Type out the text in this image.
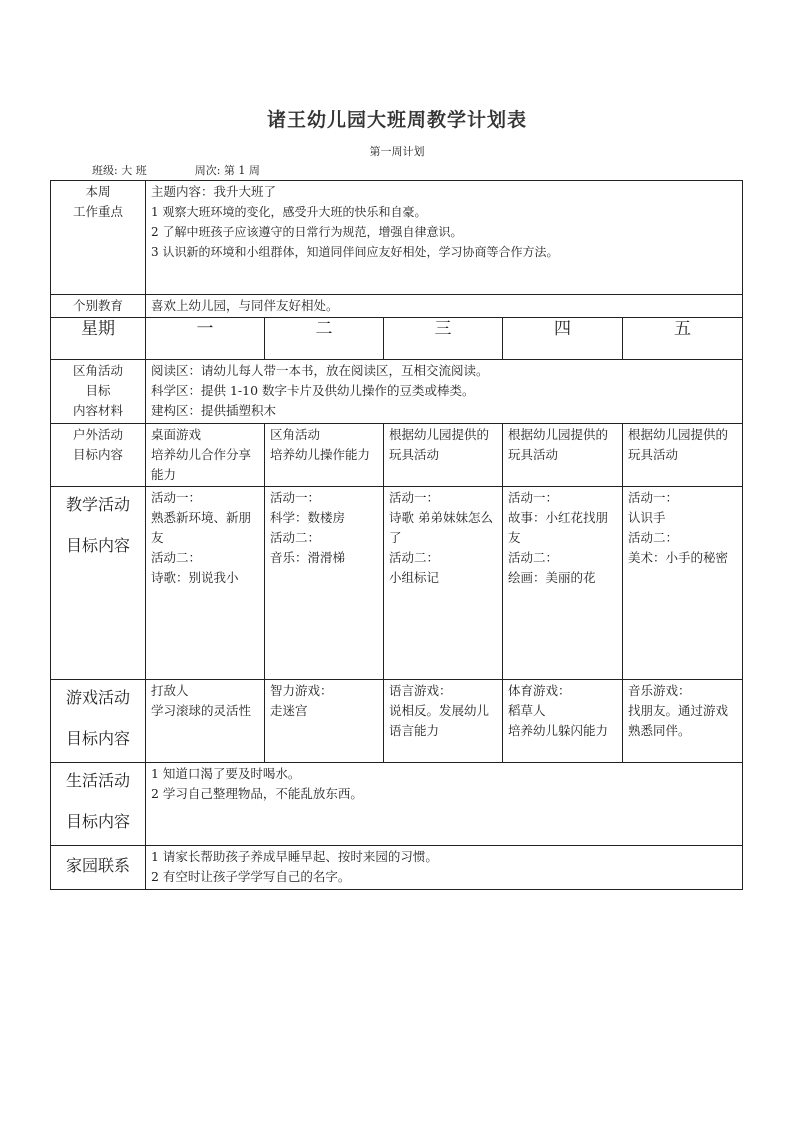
诸王幼儿园大班周教学计划表
第一周计划
班级: 大 班	周次: 第 1 周
本周
工作重点	主题内容：我升大班了
1 观察大班环境的变化，感受升大班的快乐和自豪。
2 了解中班孩子应该遵守的日常行为规范，增强自律意识。
3 认识新的环境和小组群体，知道同伴间应友好相处，学习协商等合作方法。				

个别教育	喜欢上幼儿园，与同伴友好相处。				
星期	一	二	三	四	五

区角活动
目标
内容材料	阅读区：请幼儿每人带一本书，放在阅读区，互相交流阅读。
科学区：提供 1-10 数字卡片及供幼儿操作的豆类或棒类。
建构区：提供插塑积木				

户外活动
目标内容	桌面游戏
培养幼儿合作分享能力	区角活动
培养幼儿操作能力	根据幼儿园提供的玩具活动	根据幼儿园提供的玩具活动	根据幼儿园提供的玩具活动

教学活动
目标内容	活动一：
熟悉新环境、新朋友
活动二：
诗歌：别说我小	活动一：
科学：数楼房
活动二：
音乐：滑滑梯	活动一：
诗歌 弟弟妹妹怎么了
活动二：
小组标记	活动一：
故事：小红花找朋友
活动二：
绘画：美丽的花	活动一：
认识手
活动二：
美术：小手的秘密

游戏活动
目标内容	打敌人
学习滚球的灵活性	智力游戏：
走迷宫	语言游戏：
说相反。发展幼儿语言能力	体育游戏：
稻草人
培养幼儿躲闪能力	音乐游戏：
找朋友。通过游戏熟悉同伴。

生活活动
目标内容	1 知道口渴了要及时喝水。
2 学习自己整理物品，不能乱放东西。				

家园联系	1 请家长帮助孩子养成早睡早起、按时来园的习惯。
2 有空时让孩子学学写自己的名字。				
